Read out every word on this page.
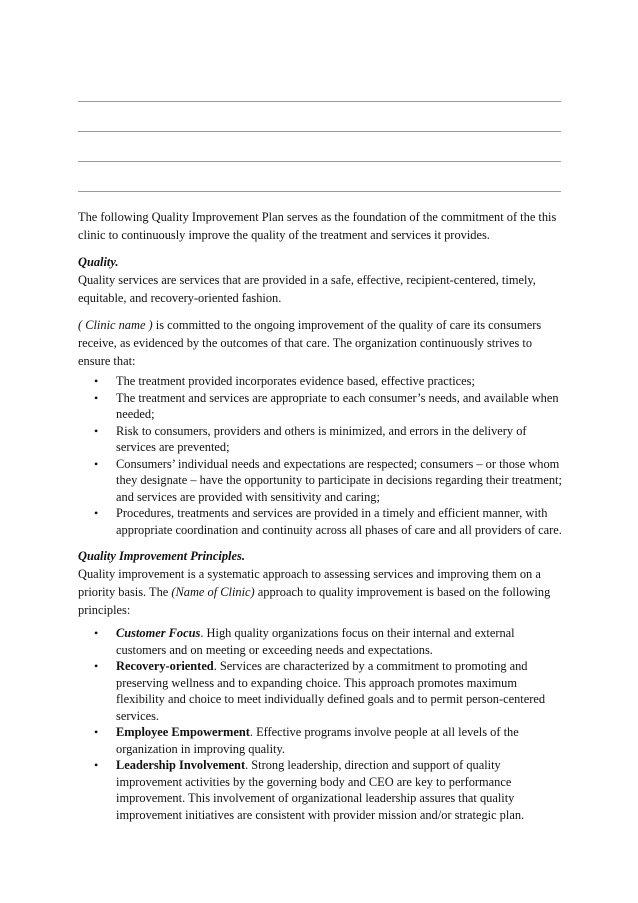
The following Quality Improvement Plan serves as the foundation of the commitment of the this clinic to continuously improve the quality of the treatment and services it provides.

Quality.
Quality services are services that are provided in a safe, effective, recipient-centered, timely, equitable, and recovery-oriented fashion.
( Clinic name ) is committed to the ongoing improvement of the quality of care its consumers receive, as evidenced by the outcomes of that care. The organization continuously strives to ensure that:
• The treatment provided incorporates evidence based, effective practices;
• The treatment and services are appropriate to each consumer’s needs, and available when needed;
• Risk to consumers, providers and others is minimized, and errors in the delivery of services are prevented;
• Consumers’ individual needs and expectations are respected; consumers – or those whom they designate – have the opportunity to participate in decisions regarding their treatment; and services are provided with sensitivity and caring;
• Procedures, treatments and services are provided in a timely and efficient manner, with appropriate coordination and continuity across all phases of care and all providers of care.
Quality Improvement Principles.
Quality improvement is a systematic approach to assessing services and improving them on a priority basis. The (Name of Clinic) approach to quality improvement is based on the following principles:
• Customer Focus. High quality organizations focus on their internal and external customers and on meeting or exceeding needs and expectations.
• Recovery-oriented. Services are characterized by a commitment to promoting and preserving wellness and to expanding choice. This approach promotes maximum flexibility and choice to meet individually defined goals and to permit person-centered services.
• Employee Empowerment. Effective programs involve people at all levels of the organization in improving quality.
• Leadership Involvement. Strong leadership, direction and support of quality improvement activities by the governing body and CEO are key to performance improvement. This involvement of organizational leadership assures that quality improvement initiatives are consistent with provider mission and/or strategic plan.
